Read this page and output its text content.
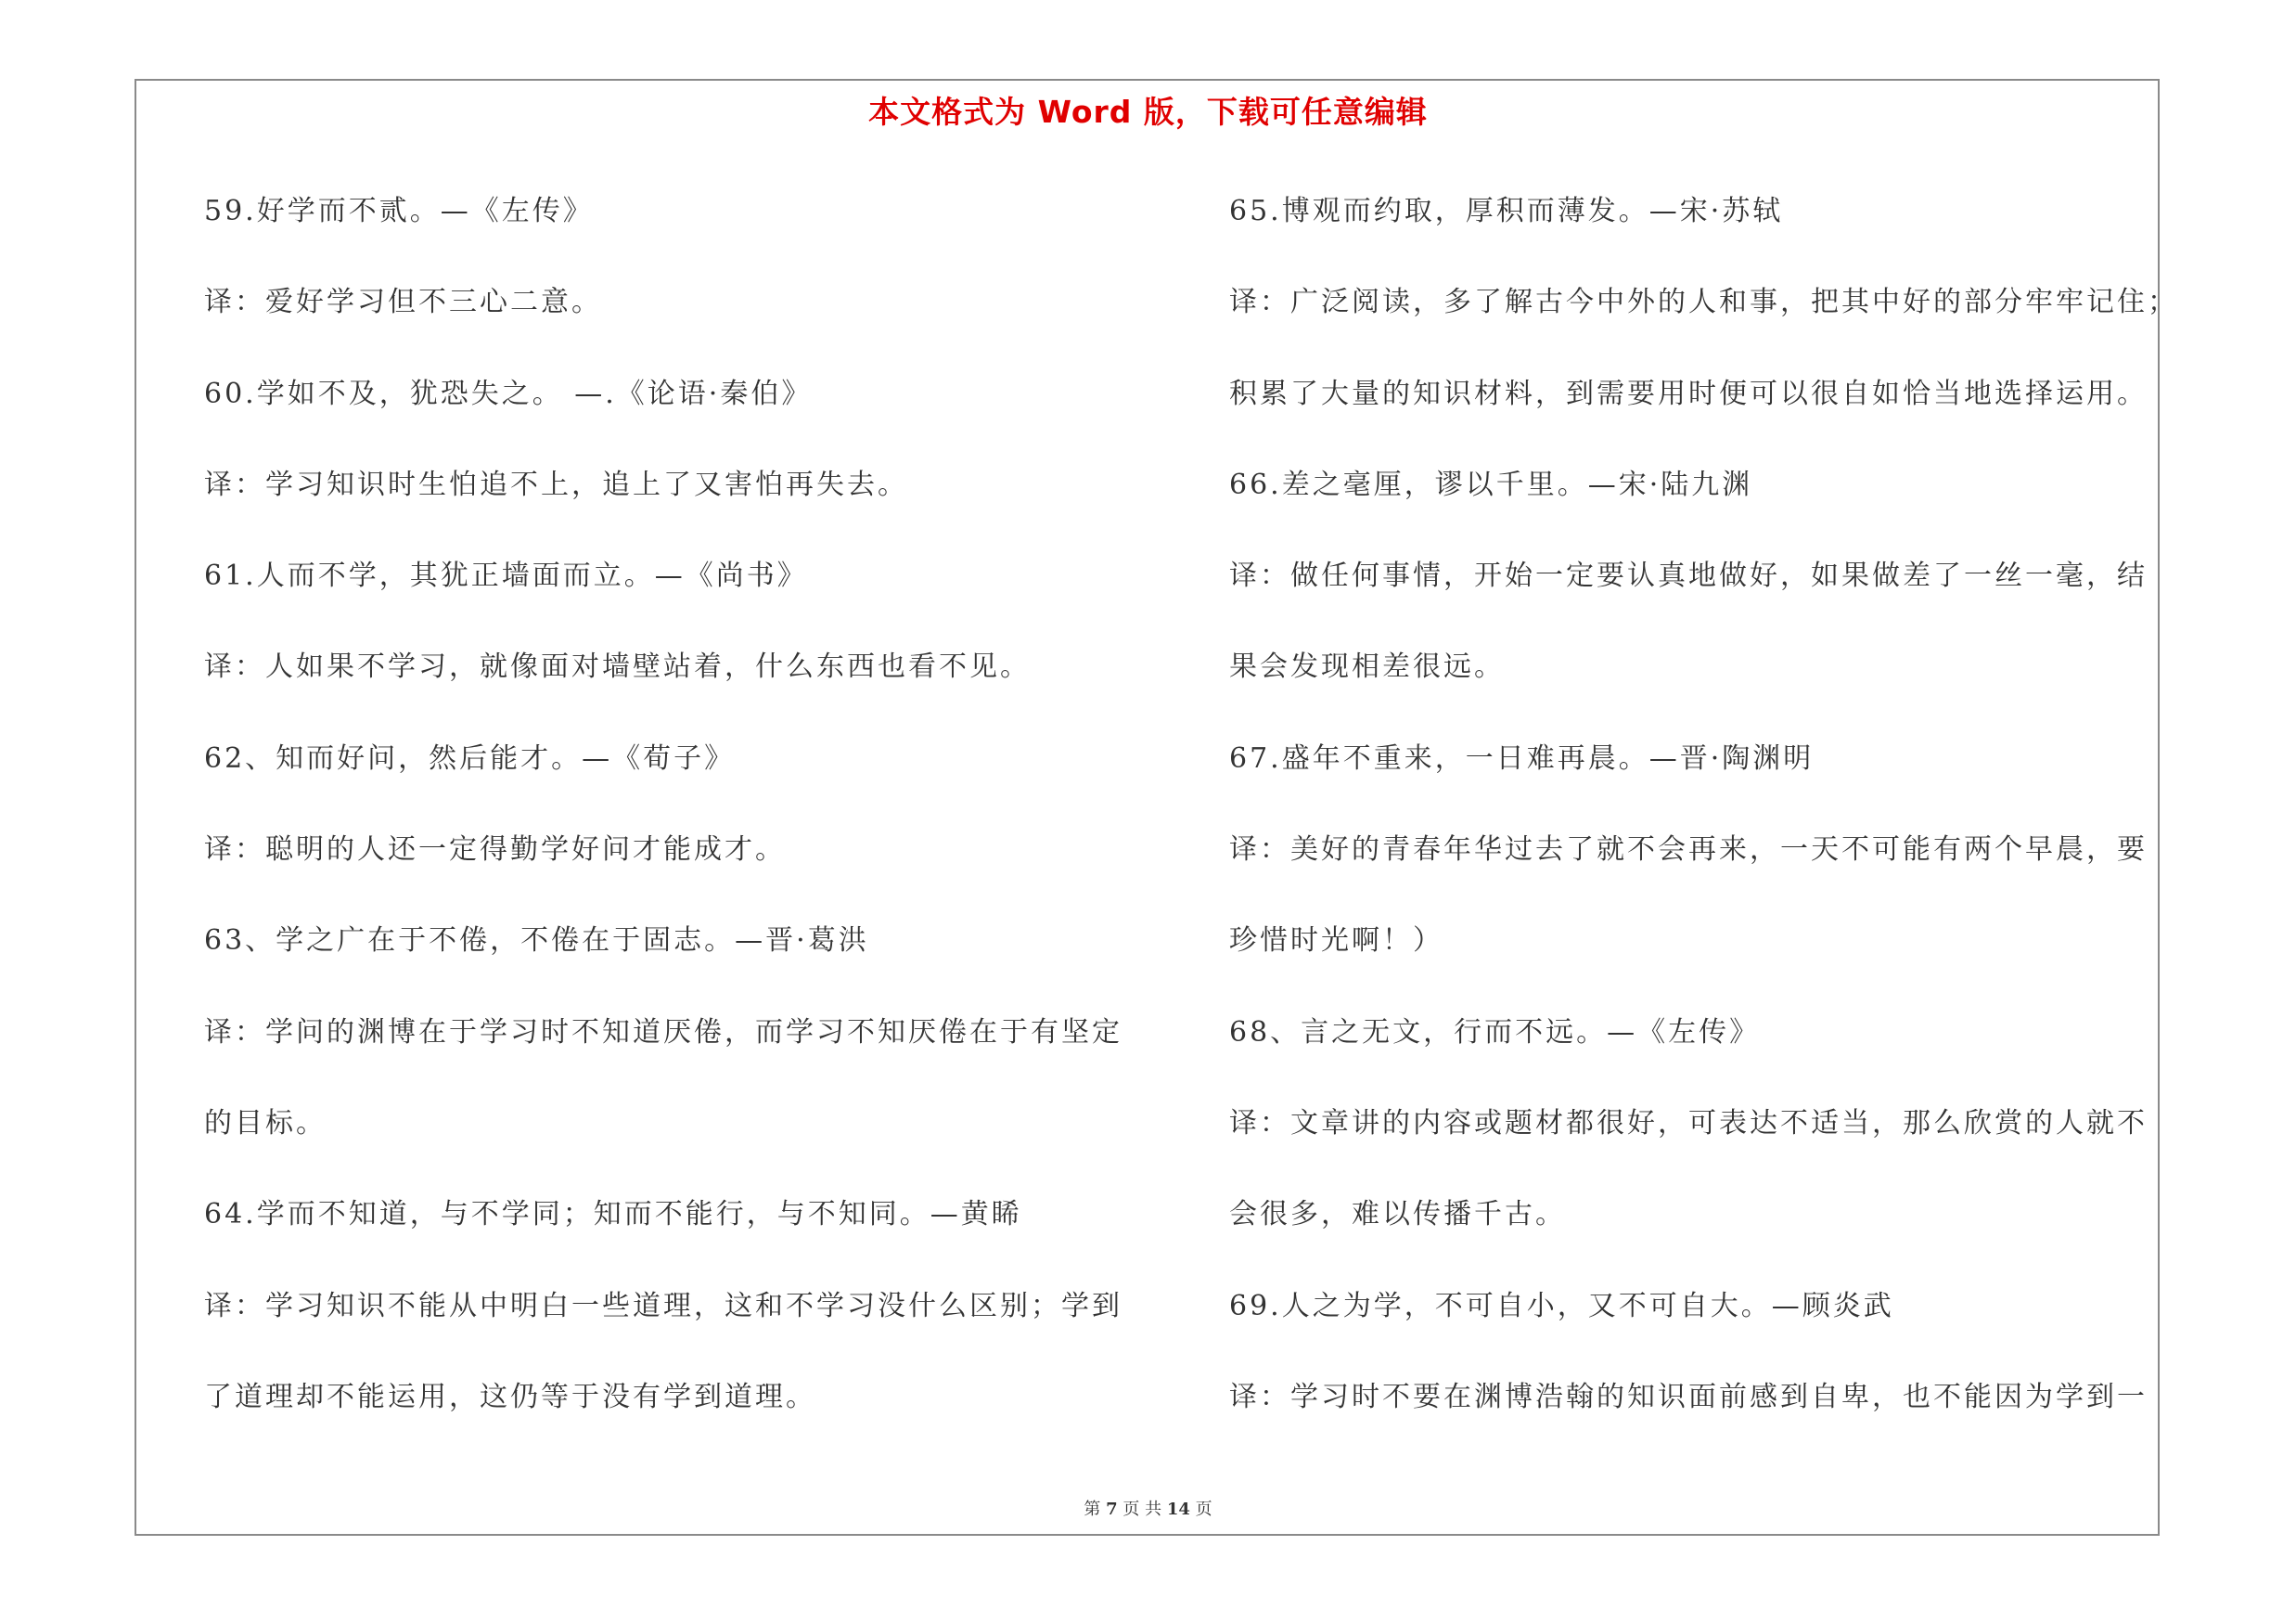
本文格式为 Word 版，下载可任意编辑
59.好学而不贰。—《左传》
译：爱好学习但不三心二意。
60.学如不及，犹恐失之。 —.《论语·秦伯》
译：学习知识时生怕追不上，追上了又害怕再失去。
61.人而不学，其犹正墙面而立。—《尚书》
译：人如果不学习，就像面对墙壁站着，什么东西也看不见。
62、知而好问，然后能才。—《荀子》
译：聪明的人还一定得勤学好问才能成才。
63、学之广在于不倦，不倦在于固志。—晋·葛洪
译：学问的渊博在于学习时不知道厌倦，而学习不知厌倦在于有坚定
的目标。
64.学而不知道，与不学同；知而不能行，与不知同。—黄睎
译：学习知识不能从中明白一些道理，这和不学习没什么区别；学到
了道理却不能运用，这仍等于没有学到道理。
65.博观而约取，厚积而薄发。—宋·苏轼
译：广泛阅读，多了解古今中外的人和事，把其中好的部分牢牢记住；
积累了大量的知识材料，到需要用时便可以很自如恰当地选择运用。
66.差之毫厘，谬以千里。—宋·陆九渊
译：做任何事情，开始一定要认真地做好，如果做差了一丝一毫，结
果会发现相差很远。
67.盛年不重来，一日难再晨。—晋·陶渊明
译：美好的青春年华过去了就不会再来，一天不可能有两个早晨，要
珍惜时光啊！）
68、言之无文，行而不远。—《左传》
译：文章讲的内容或题材都很好，可表达不适当，那么欣赏的人就不
会很多，难以传播千古。
69.人之为学，不可自小，又不可自大。—顾炎武
译：学习时不要在渊博浩翰的知识面前感到自卑，也不能因为学到一
第 7 页 共 14 页
